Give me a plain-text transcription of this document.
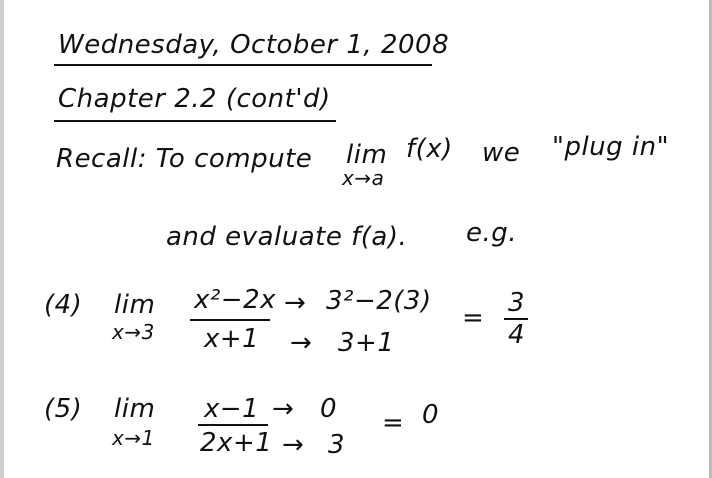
Wednesday, October 1, 2008
Chapter 2.2 (cont'd)
Recall: To compute lim
x→a
f(x) we "plug in"
and evaluate f(a). e.g.
(4) lim
x→3
x²−2x
x+1
→ 3²−2(3)
→ 3+1
= 3
4
(5) lim
x→1
x−1
2x+1
→ 0
→ 3
= 0
